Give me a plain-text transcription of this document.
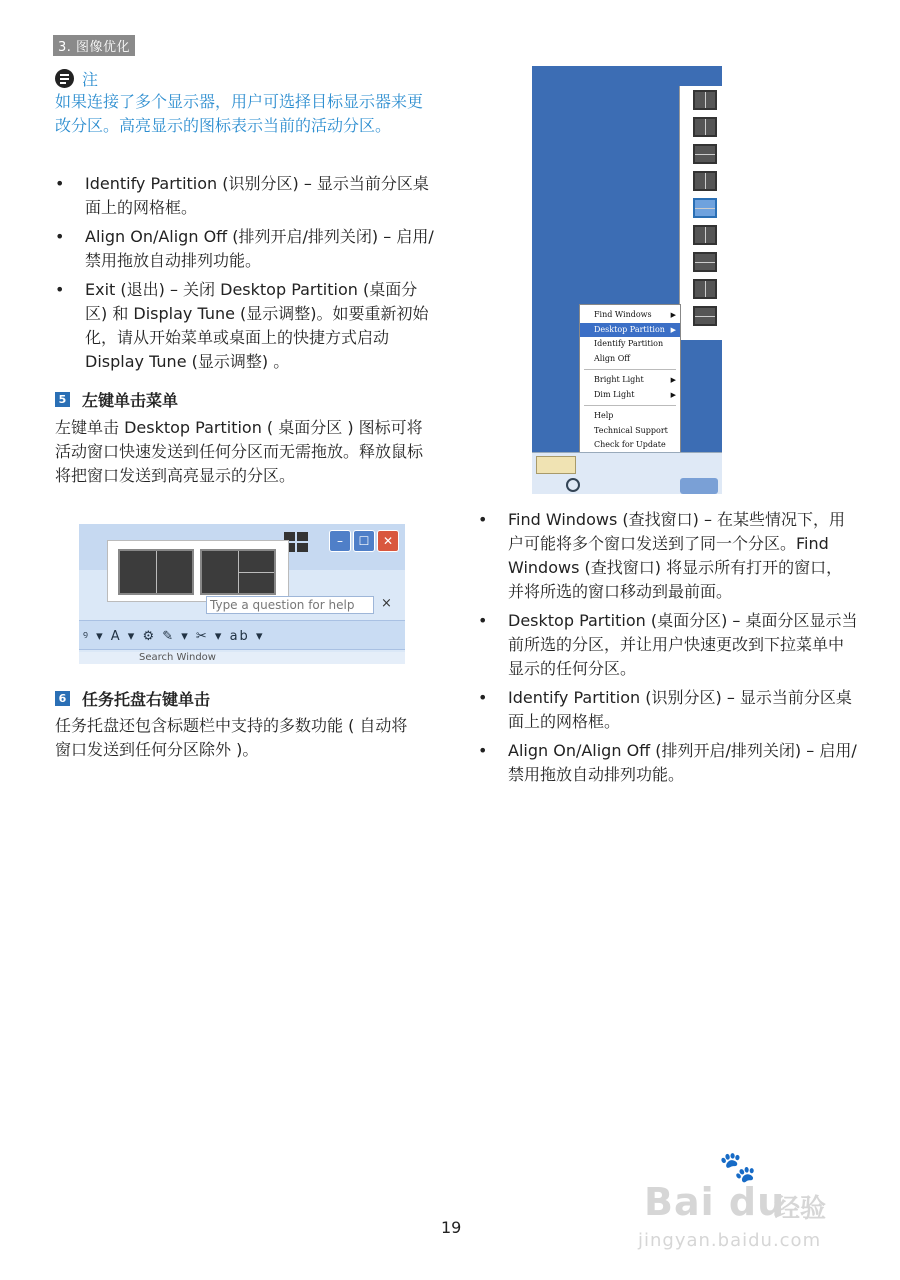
3. 图像优化
注
如果连接了多个显示器，用户可选择目标显示器来更改分区。高亮显示的图标表示当前的活动分区。
• Identify Partition (识别分区) – 显示当前分区桌面上的网格框。
• Align On/Align Off (排列开启/排列关闭) – 启用/禁用拖放自动排列功能。
• Exit (退出) – 关闭 Desktop Partition (桌面分区) 和 Display Tune (显示调整)。如要重新初始化，请从开始菜单或桌面上的快捷方式启动 Display Tune (显示调整) 。
5 左键单击菜单
左键单击 Desktop Partition ( 桌面分区 ) 图标可将活动窗口快速发送到任何分区而无需拖放。释放鼠标将把窗口发送到高亮显示的分区。
–	☐	✕
Type a question for help	×
ꝰ ▾ A ▾ ⚙ ✎ ▾ ✂ ▾ ab ▾
Search Window
6 任务托盘右键单击
任务托盘还包含标题栏中支持的多数功能 ( 自动将窗口发送到任何分区除外 )。
Find Windows	▶
Desktop Partition ▶
Identify Partition
Align Off
Bright Light	▶
Dim Light	▶
Help
Technical Support
Check for Update
• Find Windows (查找窗口) – 在某些情况下，用户可能将多个窗口发送到了同一个分区。Find Windows (查找窗口) 将显示所有打开的窗口，并将所选的窗口移动到最前面。
• Desktop Partition (桌面分区) – 桌面分区显示当前所选的分区，并让用户快速更改到下拉菜单中显示的任何分区。
• Identify Partition (识别分区) – 显示当前分区桌面上的网格框。
• Align On/Align Off (排列开启/排列关闭) – 启用/禁用拖放自动排列功能。
19
🐾
Bai du
经验
jingyan.baidu.com
